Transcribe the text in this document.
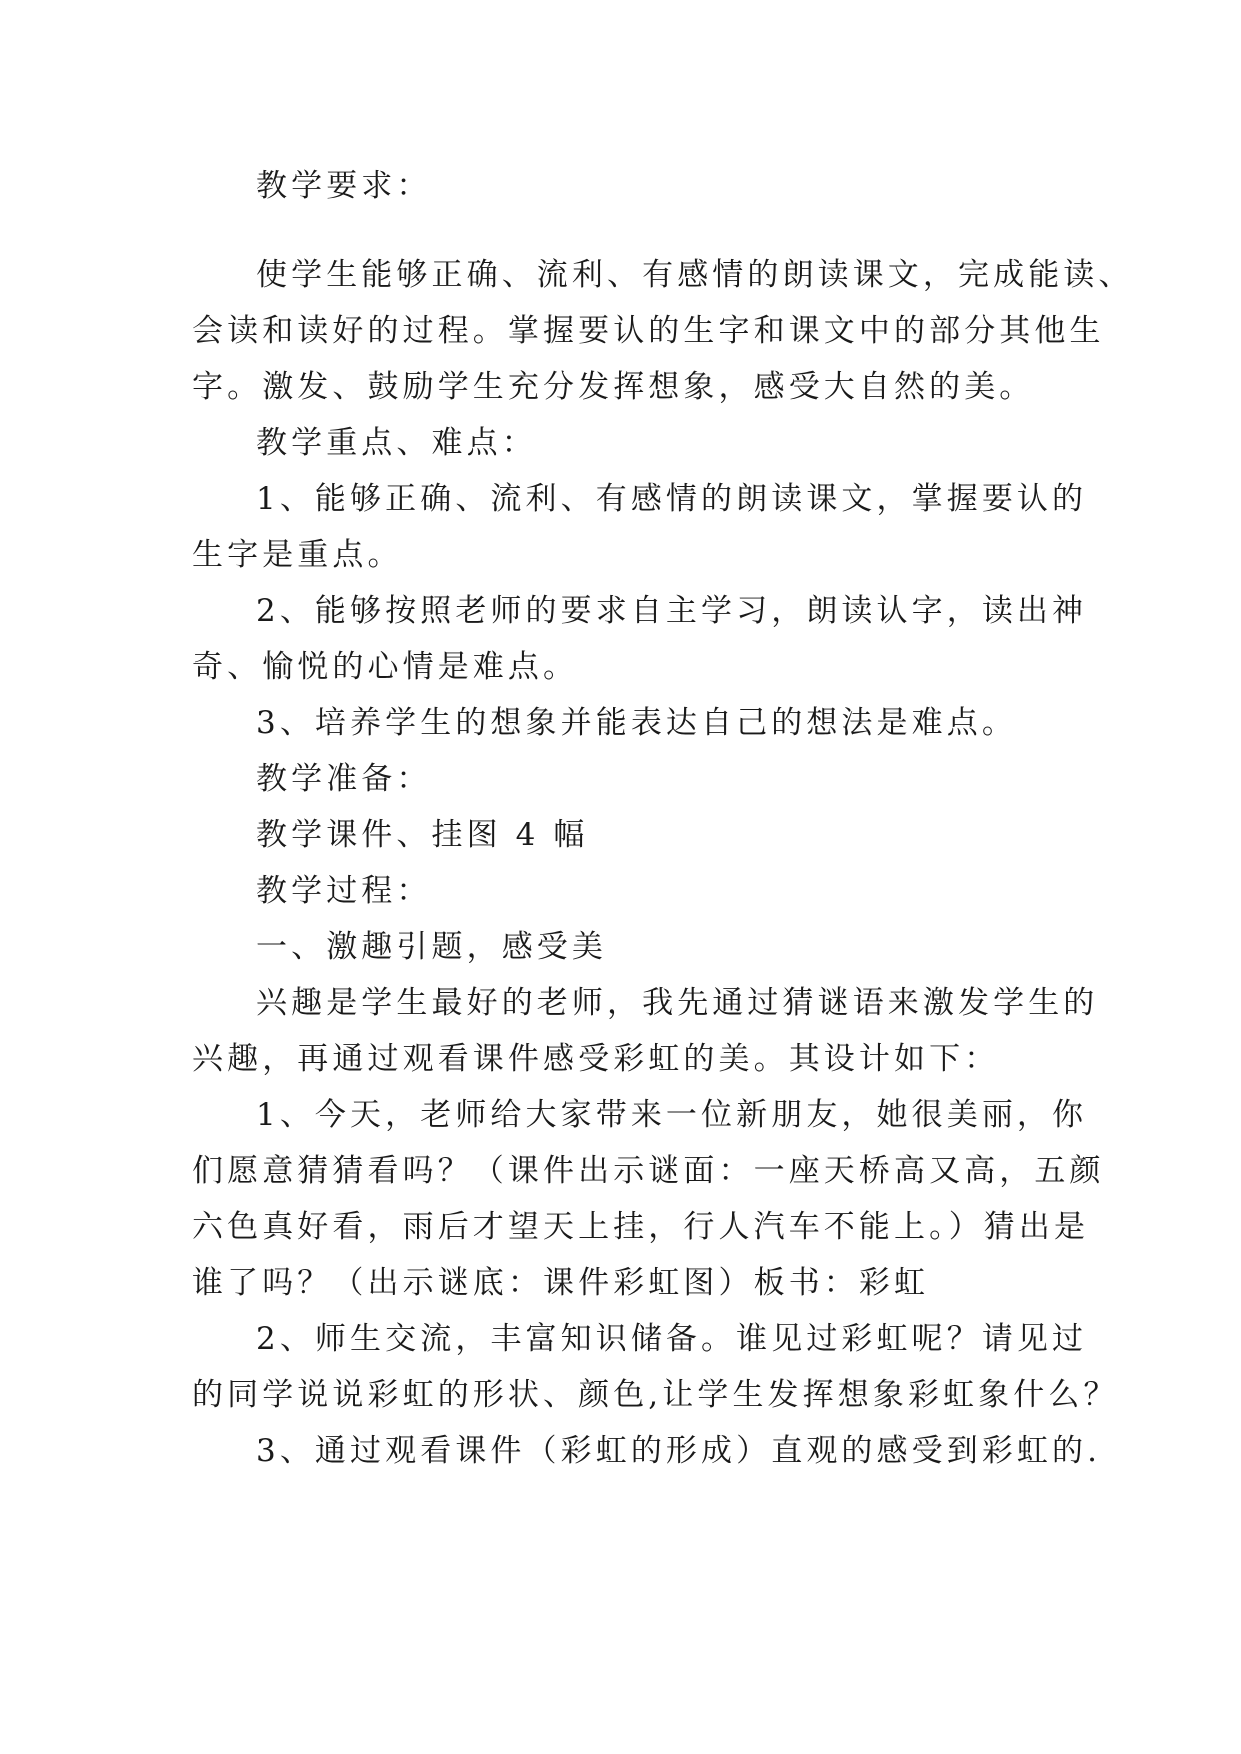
教学要求：
使学生能够正确、流利、有感情的朗读课文，完成能读、
会读和读好的过程。掌握要认的生字和课文中的部分其他生
字。激发、鼓励学生充分发挥想象，感受大自然的美。
教学重点、难点：
1、能够正确、流利、有感情的朗读课文，掌握要认的
生字是重点。
2、能够按照老师的要求自主学习，朗读认字，读出神
奇、愉悦的心情是难点。
3、培养学生的想象并能表达自己的想法是难点。
教学准备：
教学课件、挂图 4 幅
教学过程：
一、激趣引题，感受美
兴趣是学生最好的老师，我先通过猜谜语来激发学生的
兴趣，再通过观看课件感受彩虹的美。其设计如下：
1、今天，老师给大家带来一位新朋友，她很美丽，你
们愿意猜猜看吗？（课件出示谜面：一座天桥高又高，五颜
六色真好看，雨后才望天上挂，行人汽车不能上。）猜出是
谁了吗？（出示谜底：课件彩虹图）板书：彩虹
2、师生交流，丰富知识储备。谁见过彩虹呢？请见过
的同学说说彩虹的形状、颜色,让学生发挥想象彩虹象什么？
3、通过观看课件（彩虹的形成）直观的感受到彩虹的.
